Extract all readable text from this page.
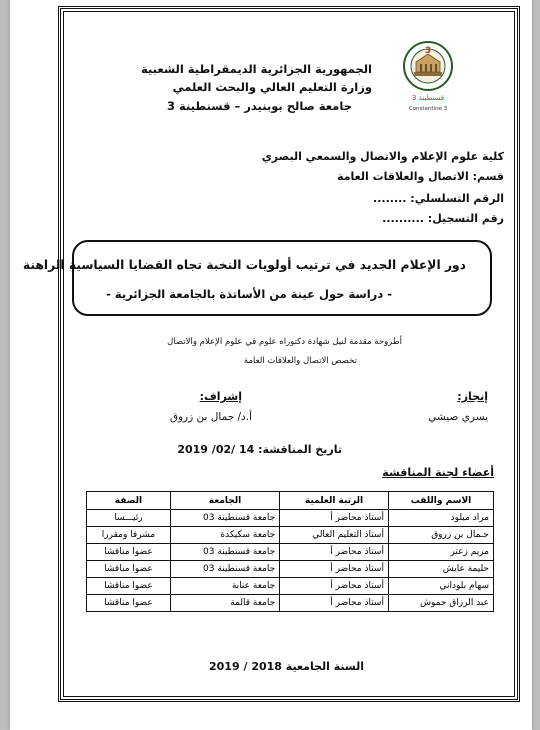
الجمهورية الجزائرية الديمقراطية الشعبية
وزارة التعليم العالي والبحث العلمي
جامعة صالح بوبنيدر – قسنطينة 3
3
قسنطينة 3
Constantine 3
كلية علوم الإعلام والاتصال والسمعي البصري
قسم: الاتصال والعلاقات العامة
الرقم التسلسلي: ........
رقم التسجيل: ..........
دور الإعلام الجديد في ترتيب أولويات النخبة تجاه القضايا السياسية الراهنة
- دراسة حول عينة من الأساتذة بالجامعة الجزائرية -
أطروحة مقدمة لنيل شهادة دكتوراه علوم في علوم الإعلام والاتصال
تخصص الاتصال والعلاقات العامة
إنجاز:
يسري صيشي
إشراف:
أ.د/ جمال بن زروق
تاريخ المناقشة: 14 /02/ 2019
أعضاء لجنة المناقشة
الاسم واللقب	الرتبة العلمية	الجامعة	الصفة
مراد ميلود	أستاذ محاضر أ	جامعة قسنطينة 03	رئيـــسا
جـمال بن زروق	أستاذ التعليم العالي	جامعة سكيكدة	مشرفا ومقررا
مريم زعتر	أستاذ محاضر أ	جامعة قسنطينة 03	عضوا مناقشا
حليمة عايش	أستاذ محاضر أ	جامعة قسنطينة 03	عضوا مناقشا
سهام بلوداني	أستاذ محاضر أ	جامعة عنابة	عضوا مناقشا
عبد الرزاق حموش	أستاذ محاضر أ	جامعة قالمة	عضوا مناقشا
السنة الجامعية 2018 / 2019
